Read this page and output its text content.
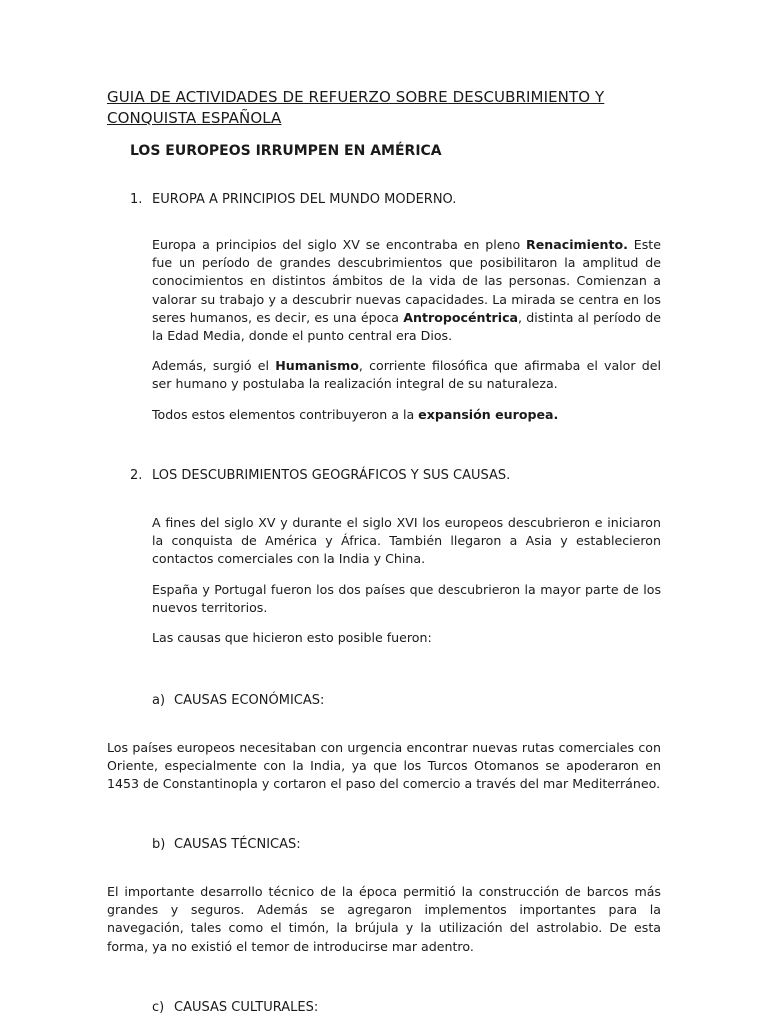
GUIA DE ACTIVIDADES DE REFUERZO SOBRE DESCUBRIMIENTO Y CONQUISTA ESPAÑOLA
LOS EUROPEOS IRRUMPEN EN AMÉRICA
1. EUROPA A PRINCIPIOS DEL MUNDO MODERNO.

Europa a principios del siglo XV se encontraba en pleno Renacimiento. Este fue un período de grandes descubrimientos que posibilitaron la amplitud de conocimientos en distintos ámbitos de la vida de las personas. Comienzan a valorar su trabajo y a descubrir nuevas capacidades. La mirada se centra en los seres humanos, es decir, es una época Antropocéntrica, distinta al período de la Edad Media, donde el punto central era Dios.

Además, surgió el Humanismo, corriente filosófica que afirmaba el valor del ser humano y postulaba la realización integral de su naturaleza.

Todos estos elementos contribuyeron a la expansión europea.

2. LOS DESCUBRIMIENTOS GEOGRÁFICOS Y SUS CAUSAS.

A fines del siglo XV y durante el siglo XVI los europeos descubrieron e iniciaron la conquista de América y África. También llegaron a Asia y establecieron contactos comerciales con la India y China.

España y Portugal fueron los dos países que descubrieron la mayor parte de los nuevos territorios.

Las causas que hicieron esto posible fueron:

a) CAUSAS ECONÓMICAS:

Los países europeos necesitaban con urgencia encontrar nuevas rutas comerciales con Oriente, especialmente con la India, ya que los Turcos Otomanos se apoderaron en 1453 de Constantinopla y cortaron el paso del comercio a través del mar Mediterráneo.

b) CAUSAS TÉCNICAS:

El importante desarrollo técnico de la época permitió la construcción de barcos más grandes y seguros. Además se agregaron implementos importantes para la navegación, tales como el timón, la brújula y la utilización del astrolabio. De esta forma, ya no existió el temor de introducirse mar adentro.

c) CAUSAS CULTURALES:
